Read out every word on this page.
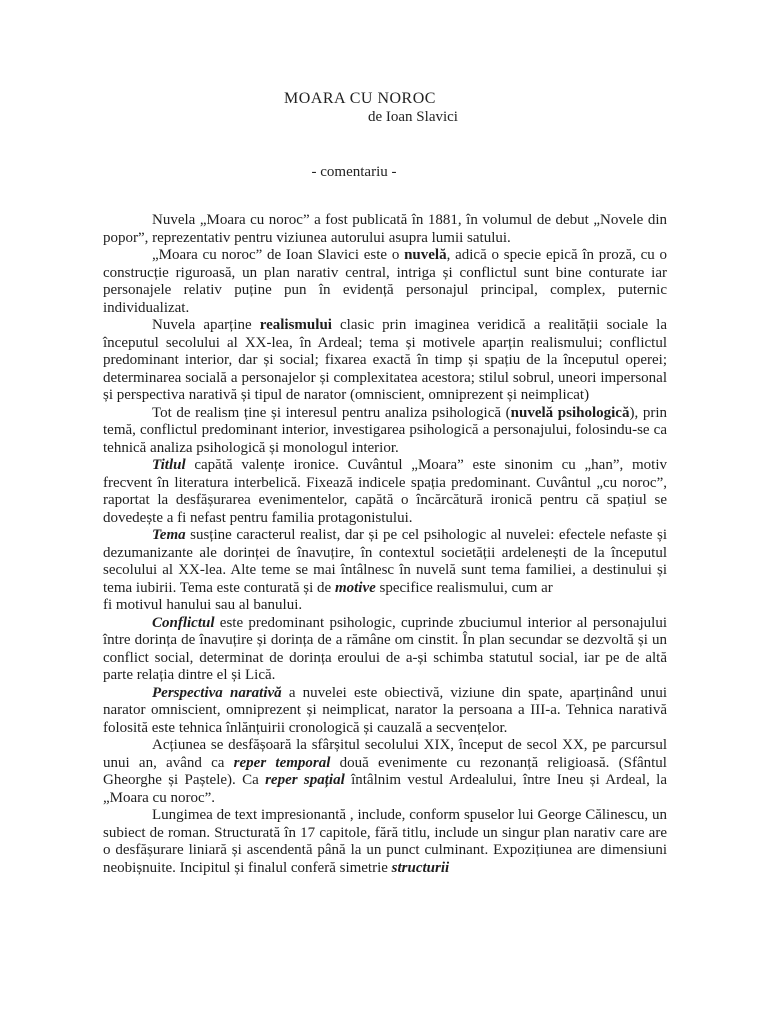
MOARA CU NOROC
de Ioan Slavici
- comentariu -

Nuvela „Moara cu noroc” a fost publicată în 1881, în volumul de debut „Novele din popor”, reprezentativ pentru viziunea autorului asupra lumii satului.

„Moara cu noroc” de Ioan Slavici este o nuvelă, adică o specie epică în proză, cu o construcție riguroasă, un plan narativ central, intriga și conflictul sunt bine conturate iar personajele relativ puține pun în evidență personajul principal, complex, puternic individualizat.

Nuvela aparține realismului clasic prin imaginea veridică a realității sociale la începutul secolului al XX-lea, în Ardeal; tema și motivele aparțin realismului; conflictul predominant interior, dar și social; fixarea exactă în timp și spațiu de la începutul operei; determinarea socială a personajelor și complexitatea acestora; stilul sobrul, uneori impersonal și perspectiva narativă și tipul de narator (omniscient, omniprezent și neimplicat)

Tot de realism ține și interesul pentru analiza psihologică (nuvelă psihologică), prin temă, conflictul predominant interior, investigarea psihologică a personajului, folosindu-se ca tehnică analiza psihologică și monologul interior.

Titlul capătă valențe ironice. Cuvântul „Moara” este sinonim cu „han”, motiv frecvent în literatura interbelică. Fixează indicele spația predominant. Cuvântul „cu noroc”, raportat la desfășurarea evenimentelor, capătă o încărcătură ironică pentru că spațiul se dovedește a fi nefast pentru familia protagonistului.

Tema susține caracterul realist, dar și pe cel psihologic al nuvelei: efectele nefaste și dezumanizante ale dorinței de înavuțire, în contextul societății ardelenești de la începutul secolului al XX-lea. Alte teme se mai întâlnesc în nuvelă sunt tema familiei, a destinului și tema iubirii. Tema este conturată și de motive specifice realismului, cum ar
fi motivul hanului sau al banului.

Conflictul este predominant psihologic, cuprinde zbuciumul interior al personajului între dorința de înavuțire și dorința de a rămâne om cinstit. În plan secundar se dezvoltă și un conflict social, determinat de dorința eroului de a-și schimba statutul social, iar pe de altă parte relația dintre el și Lică.

Perspectiva narativă a nuvelei este obiectivă, viziune din spate, aparținând unui narator omniscient, omniprezent și neimplicat, narator la persoana a III-a. Tehnica narativă folosită este tehnica înlănțuirii cronologică și cauzală a secvențelor.

Acțiunea se desfășoară la sfârșitul secolului XIX, început de secol XX, pe parcursul unui an, având ca reper temporal două evenimente cu rezonanță religioasă. (Sfântul Gheorghe și Paștele). Ca reper spațial întâlnim vestul Ardealului, între Ineu și Ardeal, la „Moara cu noroc”.

Lungimea de text impresionantă , include, conform spuselor lui George Călinescu, un subiect de roman. Structurată în 17 capitole, fără titlu, include un singur plan narativ care are o desfășurare liniară și ascendentă până la un punct culminant. Expozițiunea are dimensiuni neobișnuite. Incipitul și finalul conferă simetrie structurii
